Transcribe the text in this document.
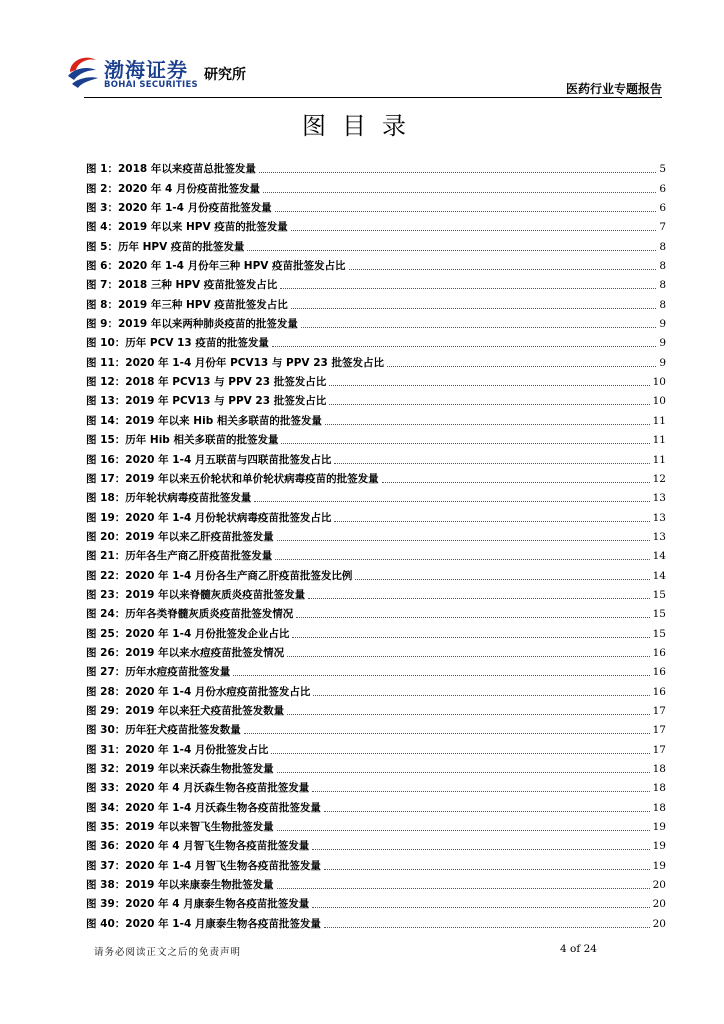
渤海证券
BOHAI SECURITIES
研究所
医药行业专题报告
图目录
图 1：2018 年以来疫苗总批签发量	5
图 2：2020 年 4 月份疫苗批签发量	6
图 3：2020 年 1-4 月份疫苗批签发量	6
图 4：2019 年以来 HPV 疫苗的批签发量	7
图 5：历年 HPV 疫苗的批签发量	8
图 6：2020 年 1-4 月份年三种 HPV 疫苗批签发占比	8
图 7：2018 三种 HPV 疫苗批签发占比	8
图 8：2019 年三种 HPV 疫苗批签发占比	8
图 9：2019 年以来两种肺炎疫苗的批签发量	9
图 10：历年 PCV 13 疫苗的批签发量	9
图 11：2020 年 1-4 月份年 PCV13 与 PPV 23 批签发占比	9
图 12：2018 年 PCV13 与 PPV 23 批签发占比	10
图 13：2019 年 PCV13 与 PPV 23 批签发占比	10
图 14：2019 年以来 Hib 相关多联苗的批签发量	11
图 15：历年 Hib 相关多联苗的批签发量	11
图 16：2020 年 1-4 月五联苗与四联苗批签发占比	11
图 17：2019 年以来五价轮状和单价轮状病毒疫苗的批签发量	12
图 18：历年轮状病毒疫苗批签发量	13
图 19：2020 年 1-4 月份轮状病毒疫苗批签发占比	13
图 20：2019 年以来乙肝疫苗批签发量	13
图 21：历年各生产商乙肝疫苗批签发量	14
图 22：2020 年 1-4 月份各生产商乙肝疫苗批签发比例	14
图 23：2019 年以来脊髓灰质炎疫苗批签发量	15
图 24：历年各类脊髓灰质炎疫苗批签发情况	15
图 25：2020 年 1-4 月份批签发企业占比	15
图 26：2019 年以来水痘疫苗批签发情况	16
图 27：历年水痘疫苗批签发量	16
图 28：2020 年 1-4 月份水痘疫苗批签发占比	16
图 29：2019 年以来狂犬疫苗批签发数量	17
图 30：历年狂犬疫苗批签发数量	17
图 31：2020 年 1-4 月份批签发占比	17
图 32：2019 年以来沃森生物批签发量	18
图 33：2020 年 4 月沃森生物各疫苗批签发量	18
图 34：2020 年 1-4 月沃森生物各疫苗批签发量	18
图 35：2019 年以来智飞生物批签发量	19
图 36：2020 年 4 月智飞生物各疫苗批签发量	19
图 37：2020 年 1-4 月智飞生物各疫苗批签发量	19
图 38：2019 年以来康泰生物批签发量	20
图 39：2020 年 4 月康泰生物各疫苗批签发量	20
图 40：2020 年 1-4 月康泰生物各疫苗批签发量	20
请务必阅读正文之后的免责声明	4 of 24
